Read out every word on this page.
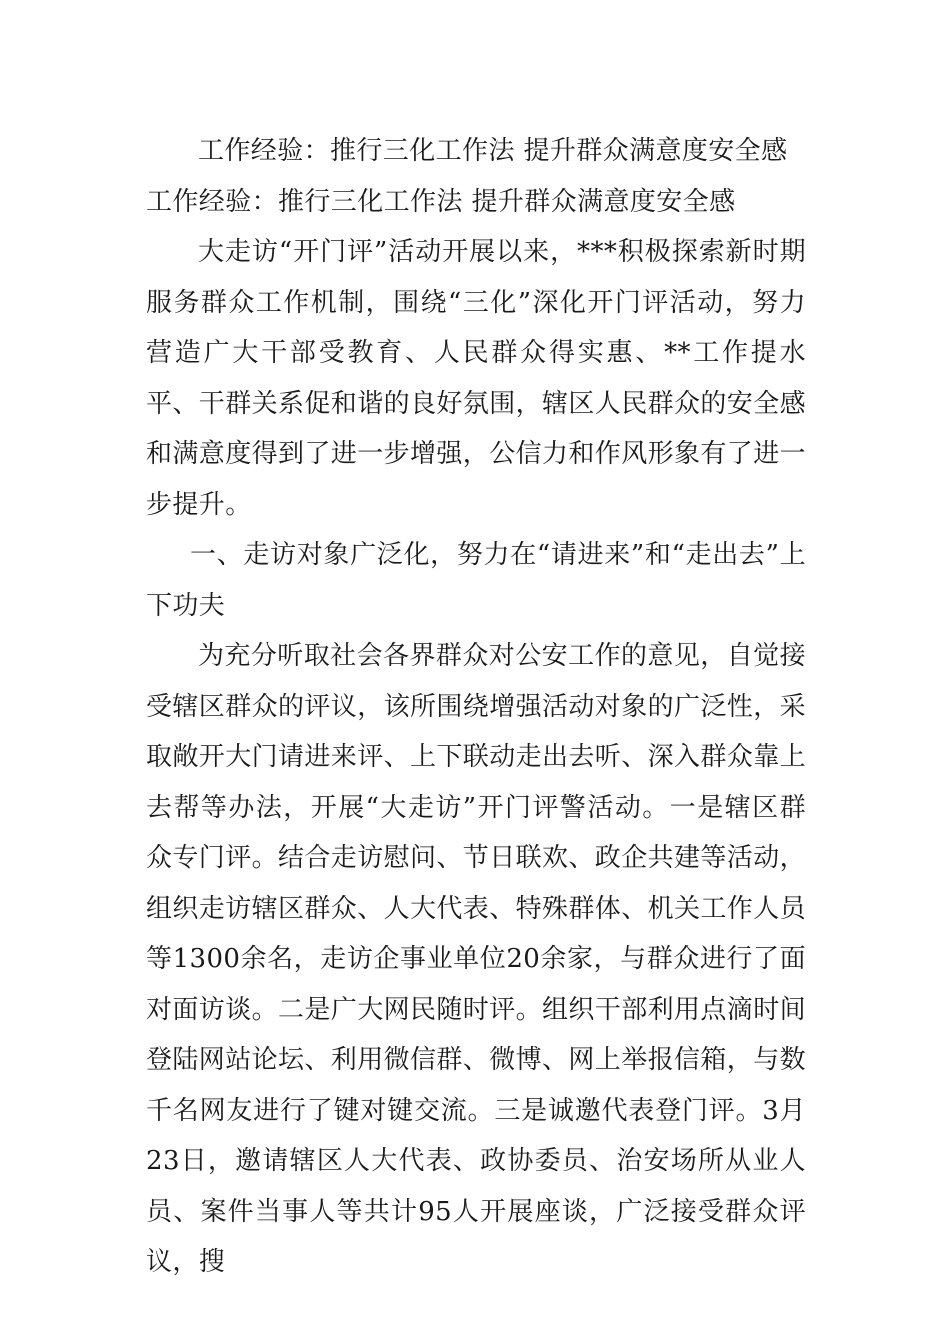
工作经验：推行三化工作法 提升群众满意度安全感

工作经验：推行三化工作法 提升群众满意度安全感

大走访“开门评”活动开展以来，***积极探索新时期服务群众工作机制，围绕“三化”深化开门评活动，努力营造广大干部受教育、人民群众得实惠、**工作提水平、干群关系促和谐的良好氛围，辖区人民群众的安全感和满意度得到了进一步增强，公信力和作风形象有了进一步提升。

一、走访对象广泛化，努力在“请进来”和“走出去”上下功夫

为充分听取社会各界群众对公安工作的意见，自觉接受辖区群众的评议，该所围绕增强活动对象的广泛性，采取敞开大门请进来评、上下联动走出去听、深入群众靠上去帮等办法，开展“大走访”开门评警活动。一是辖区群众专门评。结合走访慰问、节日联欢、政企共建等活动，组织走访辖区群众、人大代表、特殊群体、机关工作人员等1300余名，走访企事业单位20余家，与群众进行了面对面访谈。二是广大网民随时评。组织干部利用点滴时间登陆网站论坛、利用微信群、微博、网上举报信箱，与数千名网友进行了键对键交流。三是诚邀代表登门评。3月23日，邀请辖区人大代表、政协委员、治安场所从业人员、案件当事人等共计95人开展座谈，广泛接受群众评议，搜
